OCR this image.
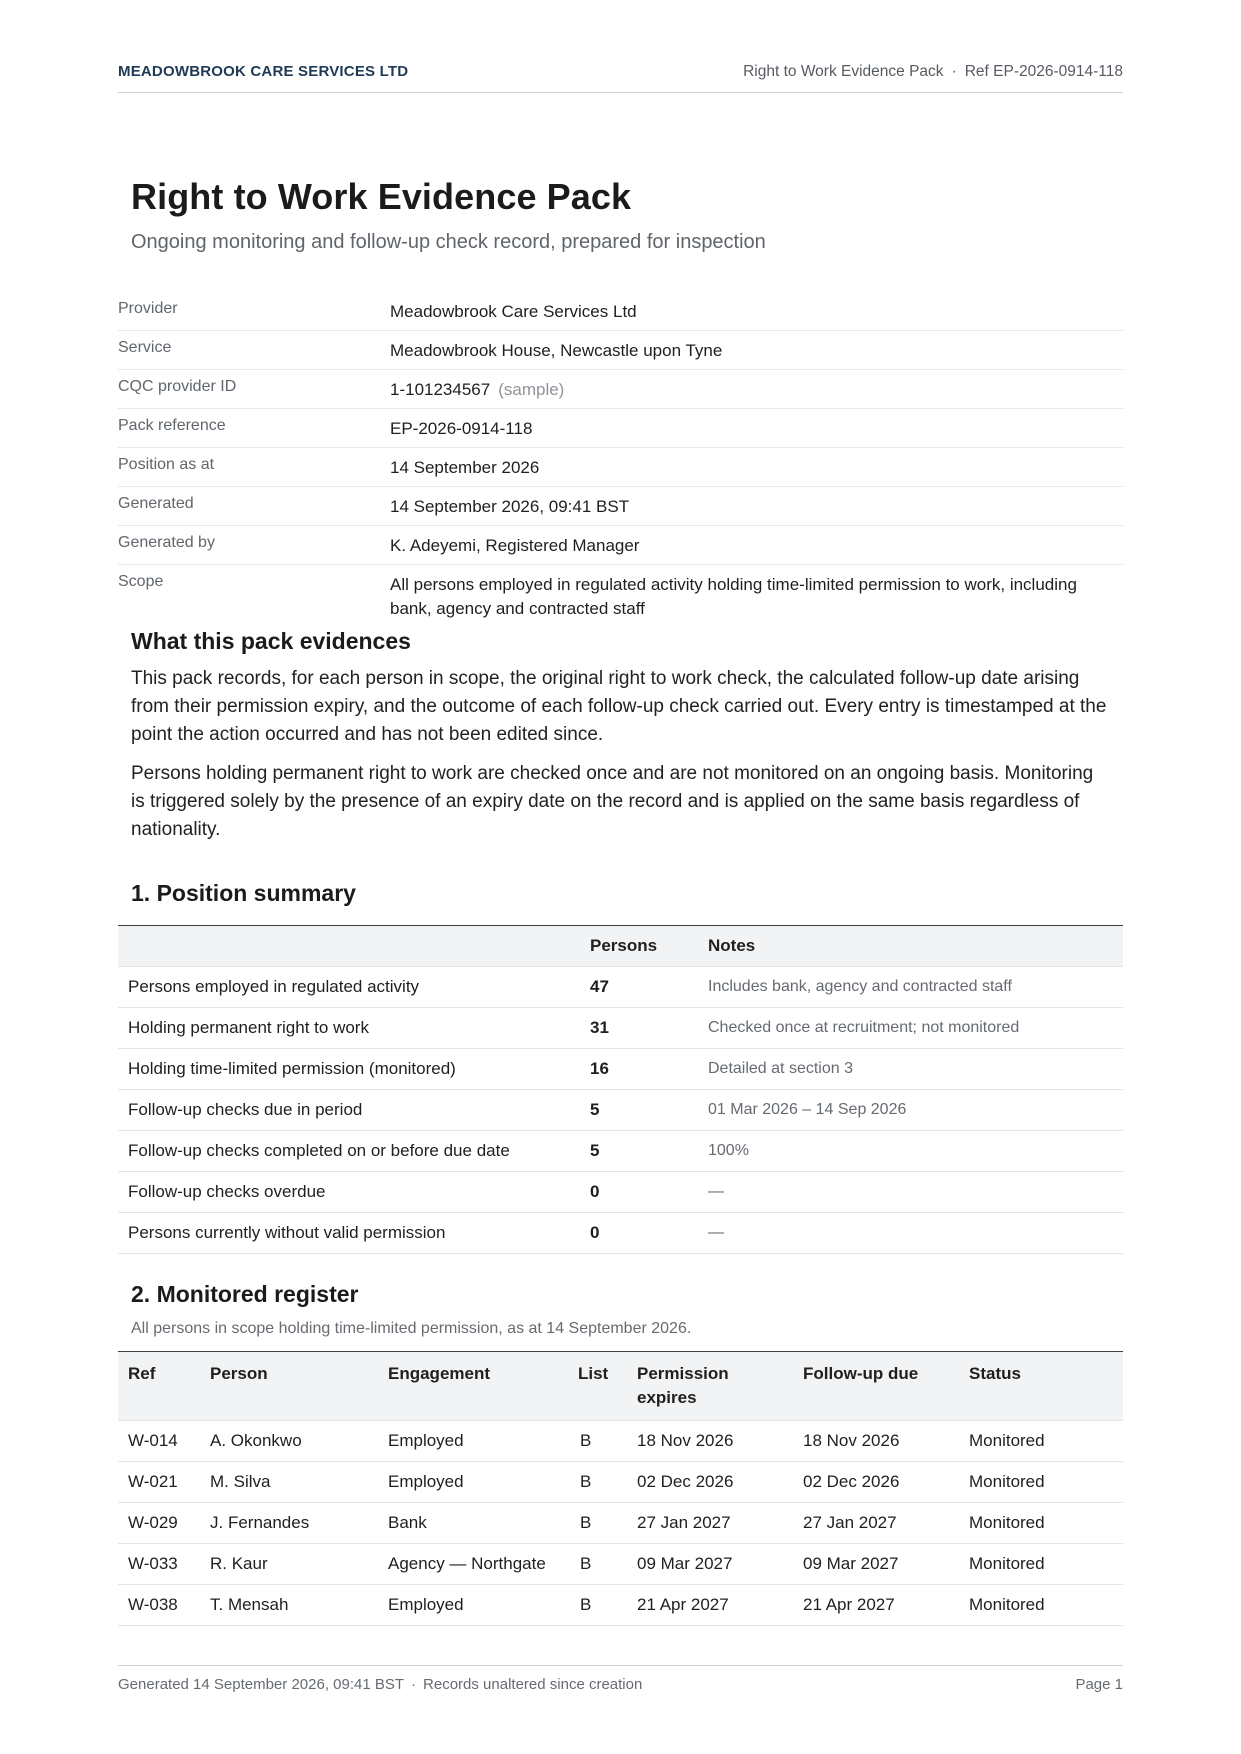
MEADOWBROOK CARE SERVICES LTD	Right to Work Evidence Pack · Ref EP-2026-0914-118
Right to Work Evidence Pack
Ongoing monitoring and follow-up check record, prepared for inspection
Provider	Meadowbrook Care Services Ltd
Service	Meadowbrook House, Newcastle upon Tyne
CQC provider ID	1-101234567 (sample)
Pack reference	EP-2026-0914-118
Position as at	14 September 2026
Generated	14 September 2026, 09:41 BST
Generated by	K. Adeyemi, Registered Manager
Scope	All persons employed in regulated activity holding time-limited permission to work, including bank, agency and contracted staff
What this pack evidences

This pack records, for each person in scope, the original right to work check, the calculated follow-up date arising from their permission expiry, and the outcome of each follow-up check carried out. Every entry is timestamped at the point the action occurred and has not been edited since.

Persons holding permanent right to work are checked once and are not monitored on an ongoing basis. Monitoring is triggered solely by the presence of an expiry date on the record and is applied on the same basis regardless of nationality.

1. Position summary
	Persons	Notes
Persons employed in regulated activity	47	Includes bank, agency and contracted staff
Holding permanent right to work	31	Checked once at recruitment; not monitored
Holding time-limited permission (monitored)	16	Detailed at section 3
Follow-up checks due in period	5	01 Mar 2026 – 14 Sep 2026
Follow-up checks completed on or before due date	5	100%
Follow-up checks overdue	0	—
Persons currently without valid permission	0	—
2. Monitored register
All persons in scope holding time-limited permission, as at 14 September 2026.
Ref	Person	Engagement	List	Permission expires	Follow-up due	Status
W-014	A. Okonkwo	Employed	B	18 Nov 2026	18 Nov 2026	Monitored
W-021	M. Silva	Employed	B	02 Dec 2026	02 Dec 2026	Monitored
W-029	J. Fernandes	Bank	B	27 Jan 2027	27 Jan 2027	Monitored
W-033	R. Kaur	Agency — Northgate	B	09 Mar 2027	09 Mar 2027	Monitored
W-038	T. Mensah	Employed	B	21 Apr 2027	21 Apr 2027	Monitored
Generated 14 September 2026, 09:41 BST · Records unaltered since creation	Page 1
